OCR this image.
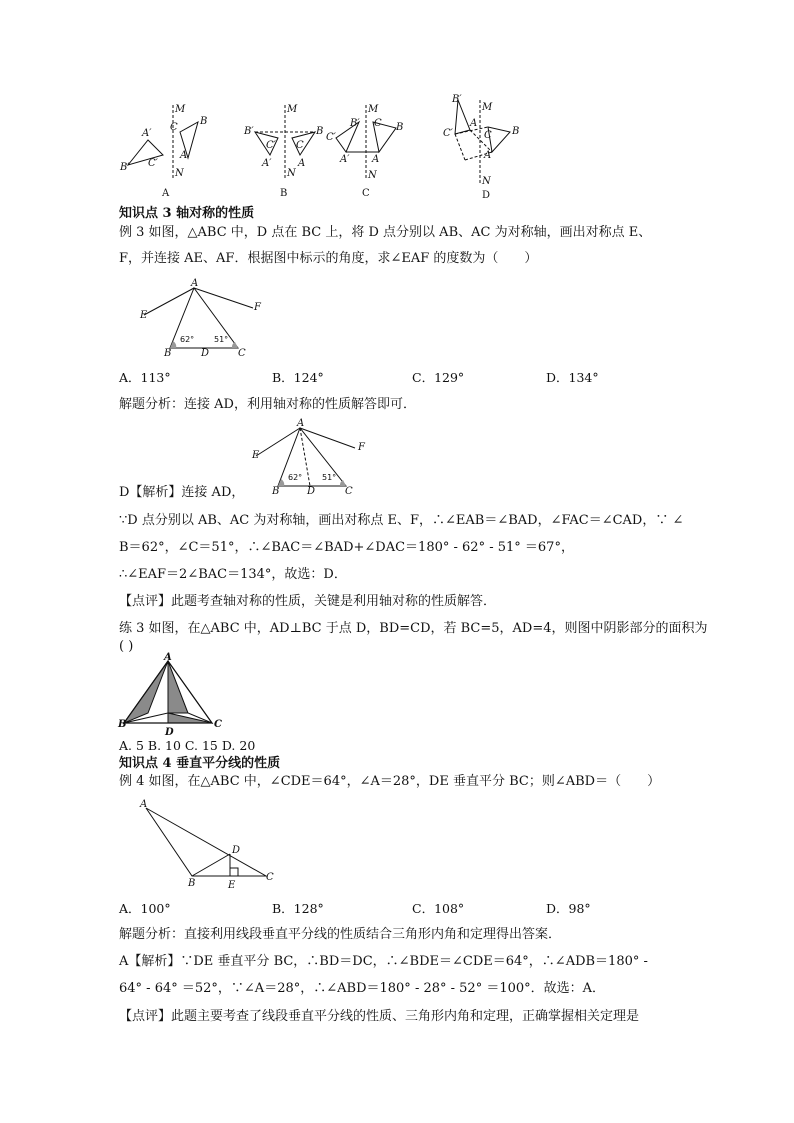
M
A′
C
B
B′ C′
A
N
A
M
B′	B
C′ C
A′	A
N
B
M
B′
C′
C B
A′ A
N
C
B′
M
C′
A
C B
A
N
D
知识点 3 轴对称的性质
例 3 如图，△ABC 中，D 点在 BC 上，将 D 点分别以 AB、AC 为对称轴，画出对称点 E、
F，并连接 AE、AF．根据图中标示的角度，求∠EAF 的度数为（　　）
A
E
F
B	D	C
62° 51°
A．113°	B．124°	C．129°	D．134°
解题分析：连接 AD，利用轴对称的性质解答即可．
A
E
F
B	D	C
62° 51°
D【解析】连接 AD，
∵D 点分别以 AB、AC 为对称轴，画出对称点 E、F，∴∠EAB＝∠BAD，∠FAC＝∠CAD，∵ ∠
B＝62°，∠C＝51°，∴∠BAC＝∠BAD+∠DAC＝180° - 62° - 51° ＝67°，
∴∠EAF＝2∠BAC＝134°，故选：D．
【点评】此题考查轴对称的性质，关键是利用轴对称的性质解答．
练 3 如图，在△ABC 中，AD⊥BC 于点 D，BD=CD，若 BC=5，AD=4，则图中阴影部分的面积为
( )
A
B	C
D
A. 5 B. 10 C. 15 D. 20
知识点 4 垂直平分线的性质
例 4 如图，在△ABC 中，∠CDE＝64°，∠A＝28°，DE 垂直平分 BC；则∠ABD＝（　　）
A
B
D
E
C
A．100°	B．128°	C．108°	D．98°
解题分析：直接利用线段垂直平分线的性质结合三角形内角和定理得出答案．
A【解析】∵DE 垂直平分 BC，∴BD＝DC，∴∠BDE＝∠CDE＝64°，∴∠ADB＝180° -
64° - 64° ＝52°，∵∠A＝28°，∴∠ABD＝180° - 28° - 52° ＝100°．故选：A．
【点评】此题主要考查了线段垂直平分线的性质、三角形内角和定理，正确掌握相关定理是
